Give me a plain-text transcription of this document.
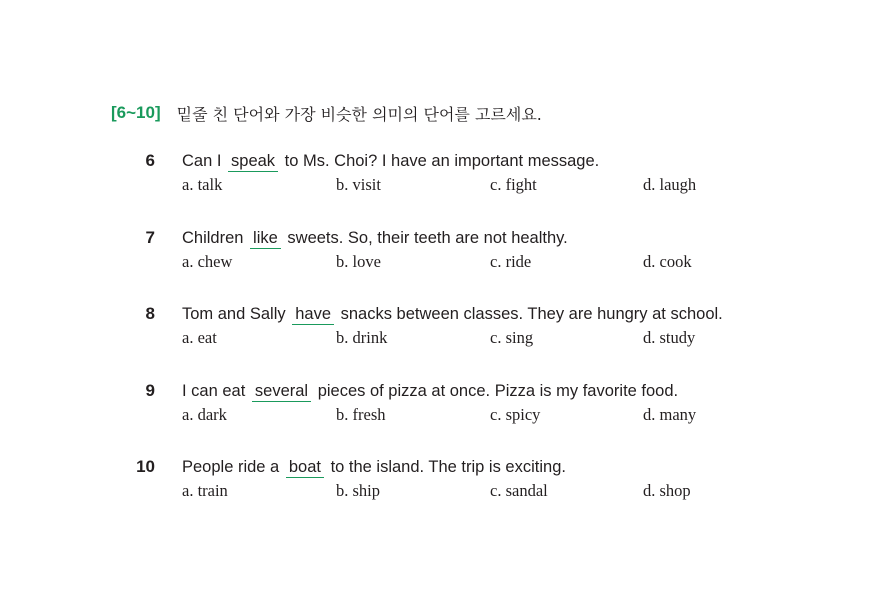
[6~10] 밑줄 친 단어와 가장 비슷한 의미의 단어를 고르세요.
6 Can I speak to Ms. Choi? I have an important message.
a. talk	b. visit	c. fight	d. laugh
7 Children like sweets. So, their teeth are not healthy.
a. chew	b. love	c. ride	d. cook
8 Tom and Sally have snacks between classes. They are hungry at school.
a. eat	b. drink	c. sing	d. study
9 I can eat several pieces of pizza at once. Pizza is my favorite food.
a. dark	b. fresh	c. spicy	d. many
10 People ride a boat to the island. The trip is exciting.
a. train	b. ship	c. sandal	d. shop
